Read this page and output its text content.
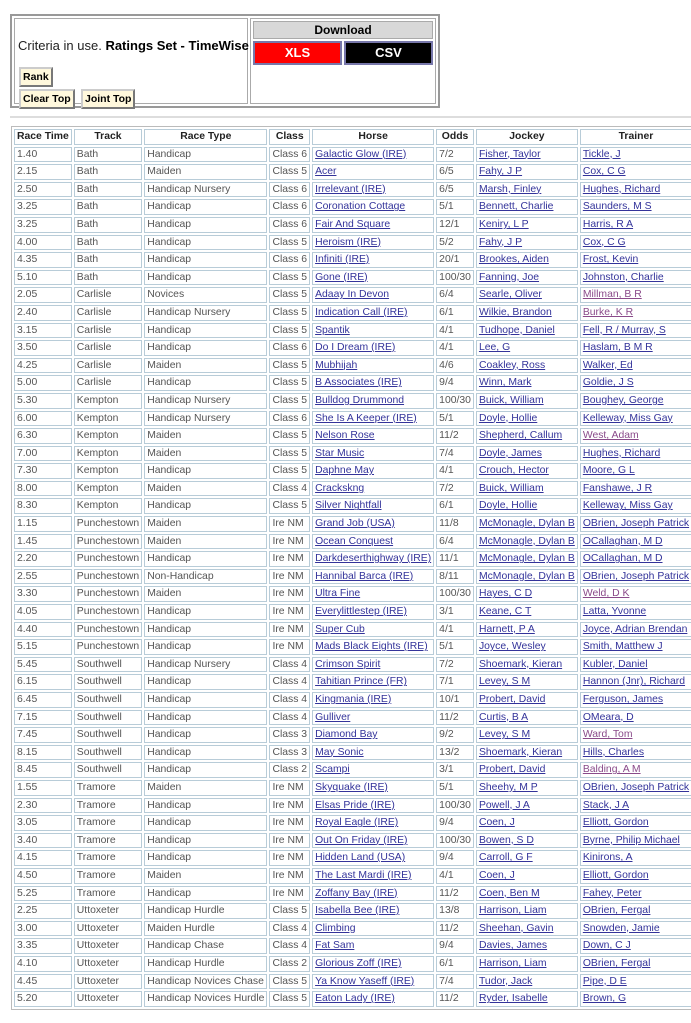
Criteria in use. Ratings Set - TimeWise
Rank
Clear Top	Joint Top
Download
XLS	CSV
Race Time	Track	Race Type	Class	Horse	Odds	Jockey	Trainer	
1.40	Bath	Handicap	Class 6	Galactic Glow (IRE)	7/2	Fisher, Taylor	Tickle, J	
2.15	Bath	Maiden	Class 5	Acer	6/5	Fahy, J P	Cox, C G	
2.50	Bath	Handicap Nursery	Class 6	Irrelevant (IRE)	6/5	Marsh, Finley	Hughes, Richard	
3.25	Bath	Handicap	Class 6	Coronation Cottage	5/1	Bennett, Charlie	Saunders, M S	
3.25	Bath	Handicap	Class 6	Fair And Square	12/1	Keniry, L P	Harris, R A	
4.00	Bath	Handicap	Class 5	Heroism (IRE)	5/2	Fahy, J P	Cox, C G	
4.35	Bath	Handicap	Class 6	Infiniti (IRE)	20/1	Brookes, Aiden	Frost, Kevin	
5.10	Bath	Handicap	Class 5	Gone (IRE)	100/30	Fanning, Joe	Johnston, Charlie	
2.05	Carlisle	Novices	Class 5	Adaay In Devon	6/4	Searle, Oliver	Millman, B R	
2.40	Carlisle	Handicap Nursery	Class 5	Indication Call (IRE)	6/1	Wilkie, Brandon	Burke, K R	
3.15	Carlisle	Handicap	Class 5	Spantik	4/1	Tudhope, Daniel	Fell, R / Murray, S	
3.50	Carlisle	Handicap	Class 6	Do I Dream (IRE)	4/1	Lee, G	Haslam, B M R	
4.25	Carlisle	Maiden	Class 5	Mubhijah	4/6	Coakley, Ross	Walker, Ed	
5.00	Carlisle	Handicap	Class 5	B Associates (IRE)	9/4	Winn, Mark	Goldie, J S	
5.30	Kempton	Handicap Nursery	Class 5	Bulldog Drummond	100/30	Buick, William	Boughey, George	
6.00	Kempton	Handicap Nursery	Class 6	She Is A Keeper (IRE)	5/1	Doyle, Hollie	Kelleway, Miss Gay	
6.30	Kempton	Maiden	Class 5	Nelson Rose	11/2	Shepherd, Callum	West, Adam	
7.00	Kempton	Maiden	Class 5	Star Music	7/4	Doyle, James	Hughes, Richard	
7.30	Kempton	Handicap	Class 5	Daphne May	4/1	Crouch, Hector	Moore, G L	
8.00	Kempton	Maiden	Class 4	Crackskng	7/2	Buick, William	Fanshawe, J R	
8.30	Kempton	Handicap	Class 5	Silver Nightfall	6/1	Doyle, Hollie	Kelleway, Miss Gay	
1.15	Punchestown	Maiden	Ire NM	Grand Job (USA)	11/8	McMonagle, Dylan B	OBrien, Joseph Patrick	
1.45	Punchestown	Maiden	Ire NM	Ocean Conquest	6/4	McMonagle, Dylan B	OCallaghan, M D	
2.20	Punchestown	Handicap	Ire NM	Darkdeserthighway (IRE)	11/1	McMonagle, Dylan B	OCallaghan, M D	
2.55	Punchestown	Non-Handicap	Ire NM	Hannibal Barca (IRE)	8/11	McMonagle, Dylan B	OBrien, Joseph Patrick	
3.30	Punchestown	Maiden	Ire NM	Ultra Fine	100/30	Hayes, C D	Weld, D K	
4.05	Punchestown	Handicap	Ire NM	Everylittlestep (IRE)	3/1	Keane, C T	Latta, Yvonne	
4.40	Punchestown	Handicap	Ire NM	Super Cub	4/1	Harnett, P A	Joyce, Adrian Brendan	
5.15	Punchestown	Handicap	Ire NM	Mads Black Eights (IRE)	5/1	Joyce, Wesley	Smith, Matthew J	
5.45	Southwell	Handicap Nursery	Class 4	Crimson Spirit	7/2	Shoemark, Kieran	Kubler, Daniel	
6.15	Southwell	Handicap	Class 4	Tahitian Prince (FR)	7/1	Levey, S M	Hannon (Jnr), Richard	
6.45	Southwell	Handicap	Class 4	Kingmania (IRE)	10/1	Probert, David	Ferguson, James	
7.15	Southwell	Handicap	Class 4	Gulliver	11/2	Curtis, B A	OMeara, D	
7.45	Southwell	Handicap	Class 3	Diamond Bay	9/2	Levey, S M	Ward, Tom	
8.15	Southwell	Handicap	Class 3	May Sonic	13/2	Shoemark, Kieran	Hills, Charles	
8.45	Southwell	Handicap	Class 2	Scampi	3/1	Probert, David	Balding, A M	
1.55	Tramore	Maiden	Ire NM	Skyquake (IRE)	5/1	Sheehy, M P	OBrien, Joseph Patrick	
2.30	Tramore	Handicap	Ire NM	Elsas Pride (IRE)	100/30	Powell, J A	Stack, J A	
3.05	Tramore	Handicap	Ire NM	Royal Eagle (IRE)	9/4	Coen, J	Elliott, Gordon	
3.40	Tramore	Handicap	Ire NM	Out On Friday (IRE)	100/30	Bowen, S D	Byrne, Philip Michael	
4.15	Tramore	Handicap	Ire NM	Hidden Land (USA)	9/4	Carroll, G F	Kinirons, A	
4.50	Tramore	Maiden	Ire NM	The Last Mardi (IRE)	4/1	Coen, J	Elliott, Gordon	
5.25	Tramore	Handicap	Ire NM	Zoffany Bay (IRE)	11/2	Coen, Ben M	Fahey, Peter	
2.25	Uttoxeter	Handicap Hurdle	Class 5	Isabella Bee (IRE)	13/8	Harrison, Liam	OBrien, Fergal	
3.00	Uttoxeter	Maiden Hurdle	Class 4	Climbing	11/2	Sheehan, Gavin	Snowden, Jamie	
3.35	Uttoxeter	Handicap Chase	Class 4	Fat Sam	9/4	Davies, James	Down, C J	
4.10	Uttoxeter	Handicap Hurdle	Class 2	Glorious Zoff (IRE)	6/1	Harrison, Liam	OBrien, Fergal	
4.45	Uttoxeter	Handicap Novices Chase	Class 5	Ya Know Yaseff (IRE)	7/4	Tudor, Jack	Pipe, D E	
5.20	Uttoxeter	Handicap Novices Hurdle	Class 5	Eaton Lady (IRE)	11/2	Ryder, Isabelle	Brown, G	
